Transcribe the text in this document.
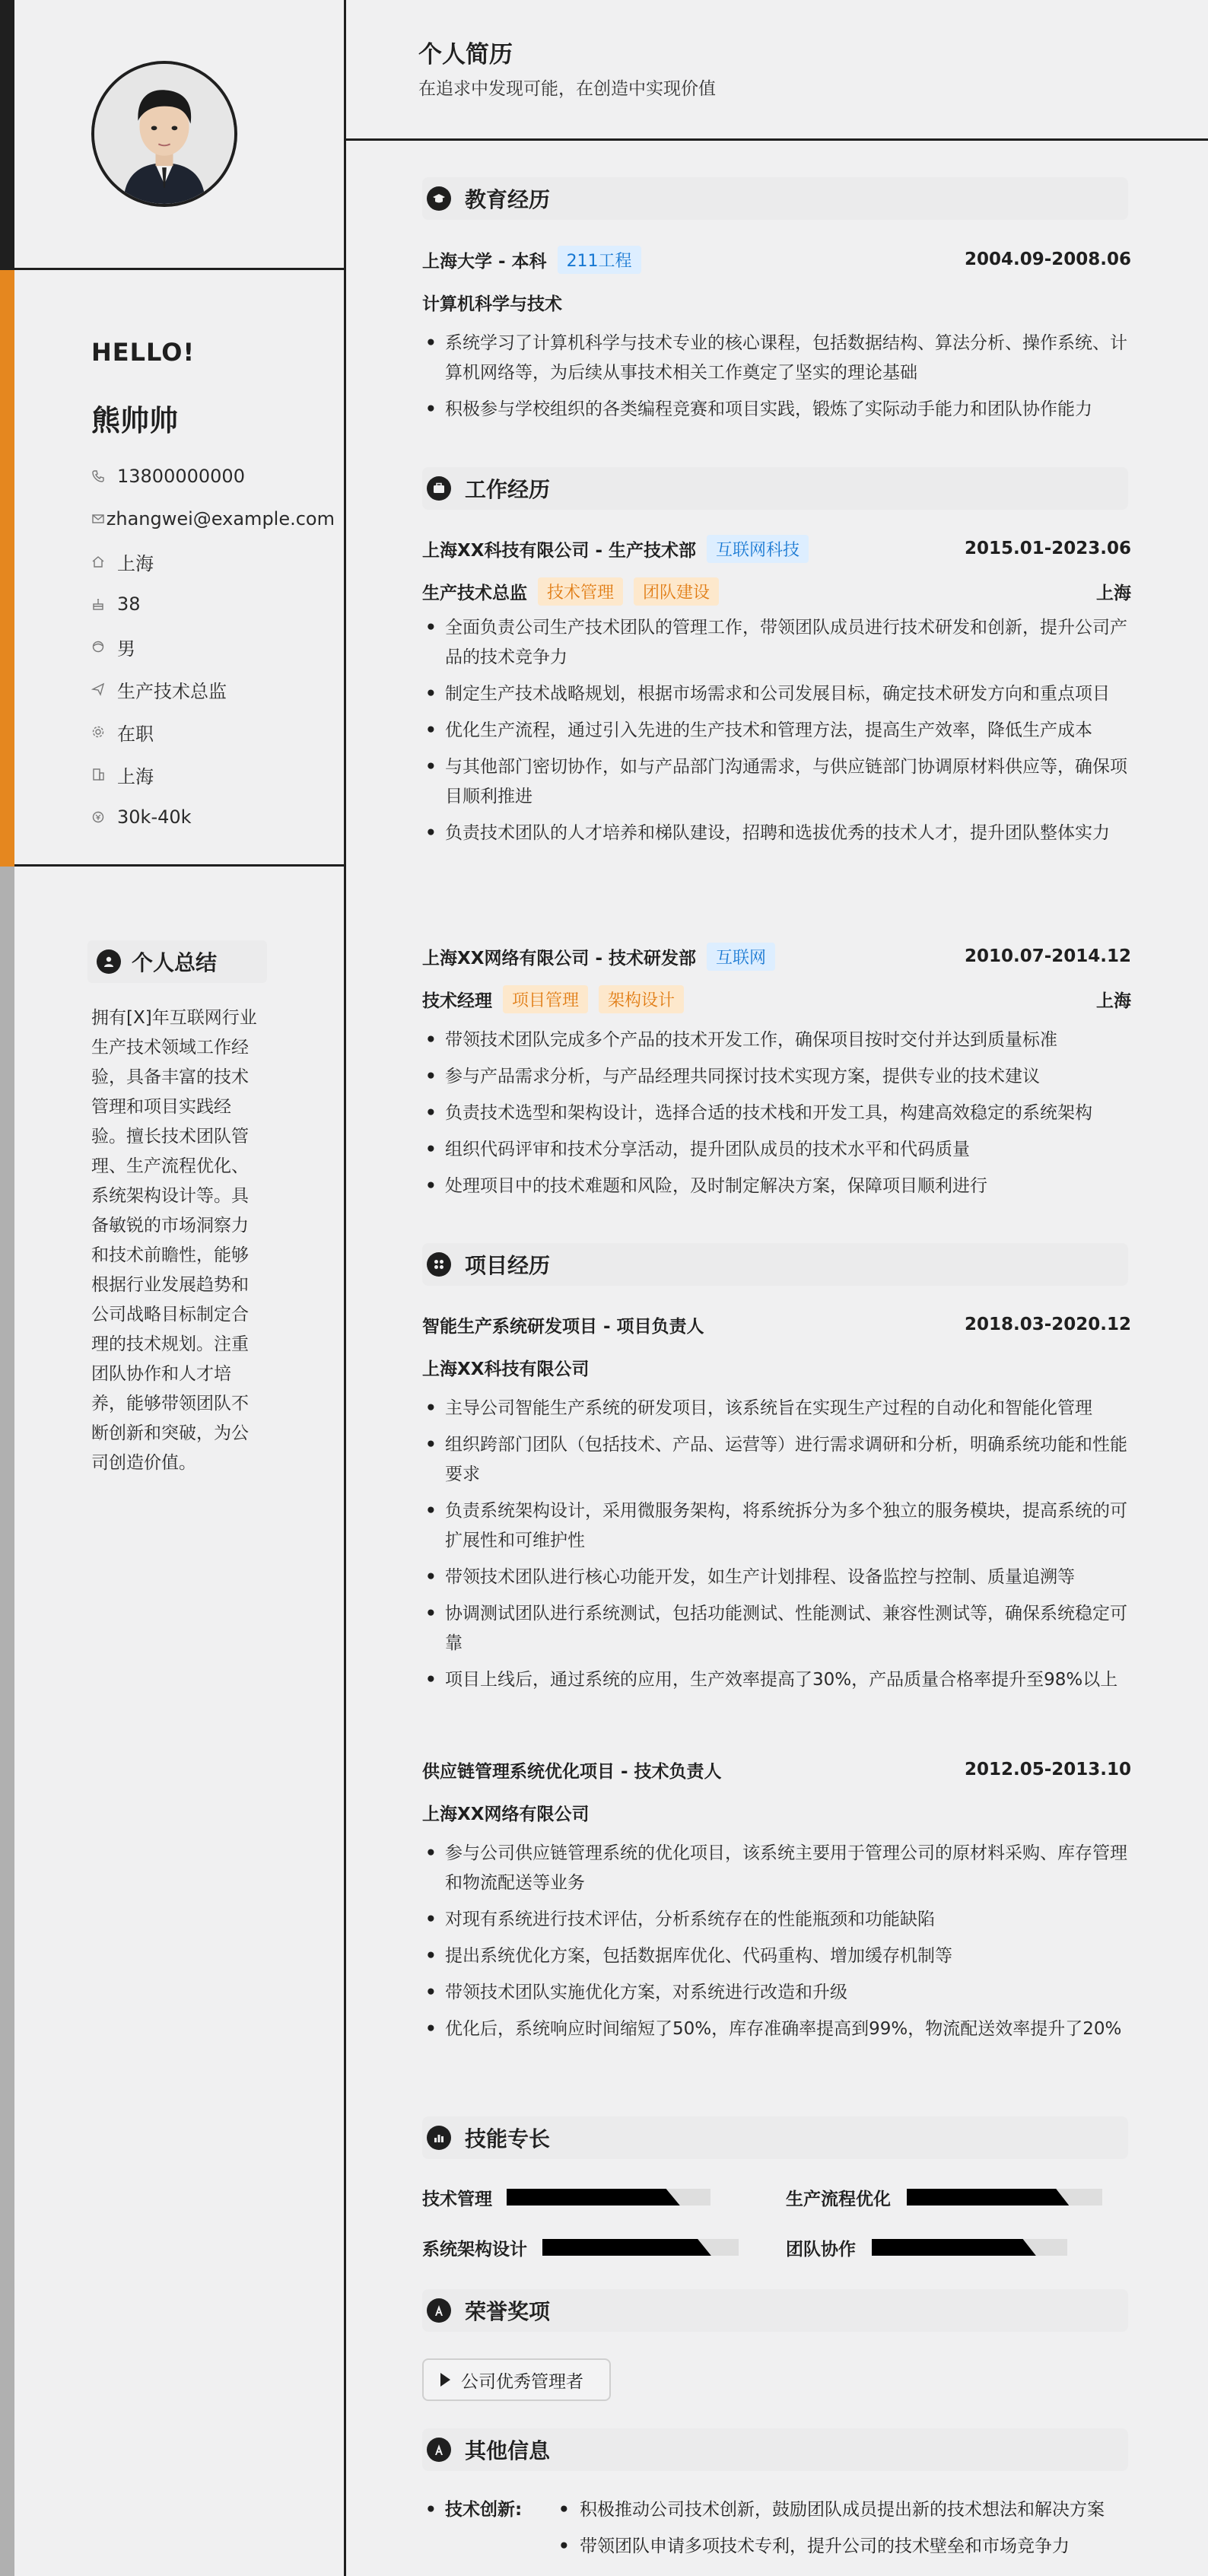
HELLO!
熊帅帅
13800000000
zhangwei@example.com
上海
38
男
生产技术总监
在职
上海
30k-40k
个人总结

拥有[X]年互联网行业生产技术领域工作经验，具备丰富的技术管理和项目实践经验。擅长技术团队管理、生产流程优化、系统架构设计等。具备敏锐的市场洞察力和技术前瞻性，能够根据行业发展趋势和公司战略目标制定合理的技术规划。注重团队协作和人才培养，能够带领团队不断创新和突破，为公司创造价值。

个人简历

在追求中发现可能，在创造中实现价值

教育经历
上海大学 - 本科	211工程	2004.09-2008.06
计算机科学与技术
• 系统学习了计算机科学与技术专业的核心课程，包括数据结构、算法分析、操作系统、计算机网络等，为后续从事技术相关工作奠定了坚实的理论基础
• 积极参与学校组织的各类编程竞赛和项目实践，锻炼了实际动手能力和团队协作能力
工作经历
上海XX科技有限公司 - 生产技术部	互联网科技	2015.01-2023.06
生产技术总监	技术管理	团队建设	上海
• 全面负责公司生产技术团队的管理工作，带领团队成员进行技术研发和创新，提升公司产品的技术竞争力
• 制定生产技术战略规划，根据市场需求和公司发展目标，确定技术研发方向和重点项目
• 优化生产流程，通过引入先进的生产技术和管理方法，提高生产效率，降低生产成本
• 与其他部门密切协作，如与产品部门沟通需求，与供应链部门协调原材料供应等，确保项目顺利推进
• 负责技术团队的人才培养和梯队建设，招聘和选拔优秀的技术人才，提升团队整体实力
上海XX网络有限公司 - 技术研发部	互联网	2010.07-2014.12
技术经理	项目管理	架构设计	上海
• 带领技术团队完成多个产品的技术开发工作，确保项目按时交付并达到质量标准
• 参与产品需求分析，与产品经理共同探讨技术实现方案，提供专业的技术建议
• 负责技术选型和架构设计，选择合适的技术栈和开发工具，构建高效稳定的系统架构
• 组织代码评审和技术分享活动，提升团队成员的技术水平和代码质量
• 处理项目中的技术难题和风险，及时制定解决方案，保障项目顺利进行
项目经历
智能生产系统研发项目 - 项目负责人	2018.03-2020.12
上海XX科技有限公司
• 主导公司智能生产系统的研发项目，该系统旨在实现生产过程的自动化和智能化管理
• 组织跨部门团队（包括技术、产品、运营等）进行需求调研和分析，明确系统功能和性能要求
• 负责系统架构设计，采用微服务架构，将系统拆分为多个独立的服务模块，提高系统的可扩展性和可维护性
• 带领技术团队进行核心功能开发，如生产计划排程、设备监控与控制、质量追溯等
• 协调测试团队进行系统测试，包括功能测试、性能测试、兼容性测试等，确保系统稳定可靠
• 项目上线后，通过系统的应用，生产效率提高了30%，产品质量合格率提升至98%以上
供应链管理系统优化项目 - 技术负责人	2012.05-2013.10
上海XX网络有限公司
• 参与公司供应链管理系统的优化项目，该系统主要用于管理公司的原材料采购、库存管理和物流配送等业务
• 对现有系统进行技术评估，分析系统存在的性能瓶颈和功能缺陷
• 提出系统优化方案，包括数据库优化、代码重构、增加缓存机制等
• 带领技术团队实施优化方案，对系统进行改造和升级
• 优化后，系统响应时间缩短了50%，库存准确率提高到99%，物流配送效率提升了20%
技能专长
技术管理	生产流程优化
系统架构设计	团队协作
荣誉奖项
公司优秀管理者
其他信息
• 技术创新:
•	积极推动公司技术创新，鼓励团队成员提出新的技术想法和解决方案
• 带领团队申请多项技术专利，提升公司的技术壁垒和市场竞争力
